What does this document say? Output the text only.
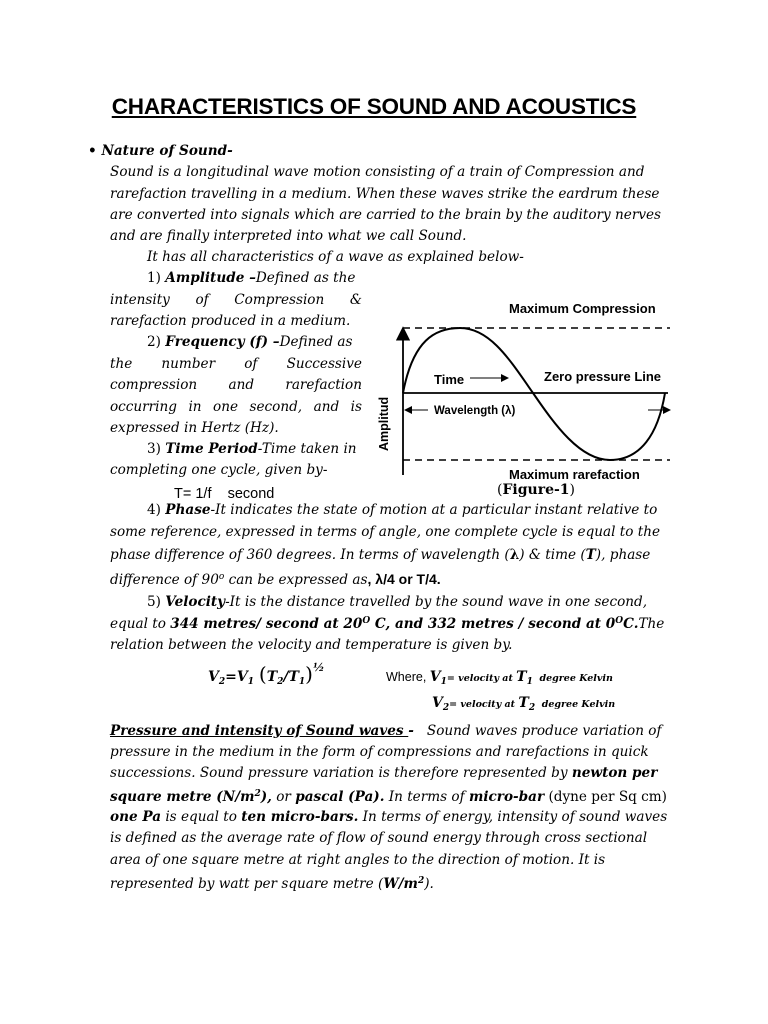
CHARACTERISTICS OF SOUND AND ACOUSTICS
• Nature of Sound-
Sound is a longitudinal wave motion consisting of a train of Compression and
rarefaction travelling in a medium. When these waves strike the eardrum these
are converted into signals which are carried to the brain by the auditory nerves
and are finally interpreted into what we call Sound.
It has all characteristics of a wave as explained below-
1) Amplitude –Defined as the
intensity of Compression &
rarefaction produced in a medium.
2) Frequency (f) –Defined as
the number of Successive
compression and rarefaction
occurring in one second, and is
expressed in Hertz (Hz).
3) Time Period-Time taken in
completing one cycle, given by-
T= 1/f    second
Maximum Compression
Zero pressure Line
Time
Wavelength (λ)
Amplitud
Maximum rarefaction
(Figure-1)
4) Phase-It indicates the state of motion at a particular instant relative to
some reference, expressed in terms of angle, one complete cycle is equal to the
phase difference of 360 degrees. In terms of wavelength (λ) & time (T), phase
difference of 90$^o$ can be expressed as, λ/4 or T/4.
5) Velocity-It is the distance travelled by the sound wave in one second,
equal to 344 metres/ second at $20^O$ C, and 332 metres / second at $0^OC.The$
relation between the velocity and temperature is given by.
$V_2=V_1$ $(T_2/T_1)^{\frac{1}{2}}$
Where, $V_1=$ velocity at $T_1$  degree Kelvin
$V_2=$ velocity at $T_2$  degree Kelvin
Pressure and intensity of Sound waves - Sound waves produce variation of
pressure in the medium in the form of compressions and rarefactions in quick
successions. Sound pressure variation is therefore represented by newton per
square metre $(N/m^2)$, or pascal (Pa). In terms of micro-bar (dyne per Sq cm)
one Pa is equal to ten micro-bars. In terms of energy, intensity of sound waves
is defined as the average rate of flow of sound energy through cross sectional
area of one square metre at right angles to the direction of motion. It is
represented by watt per square metre $(W/m^2)$.
